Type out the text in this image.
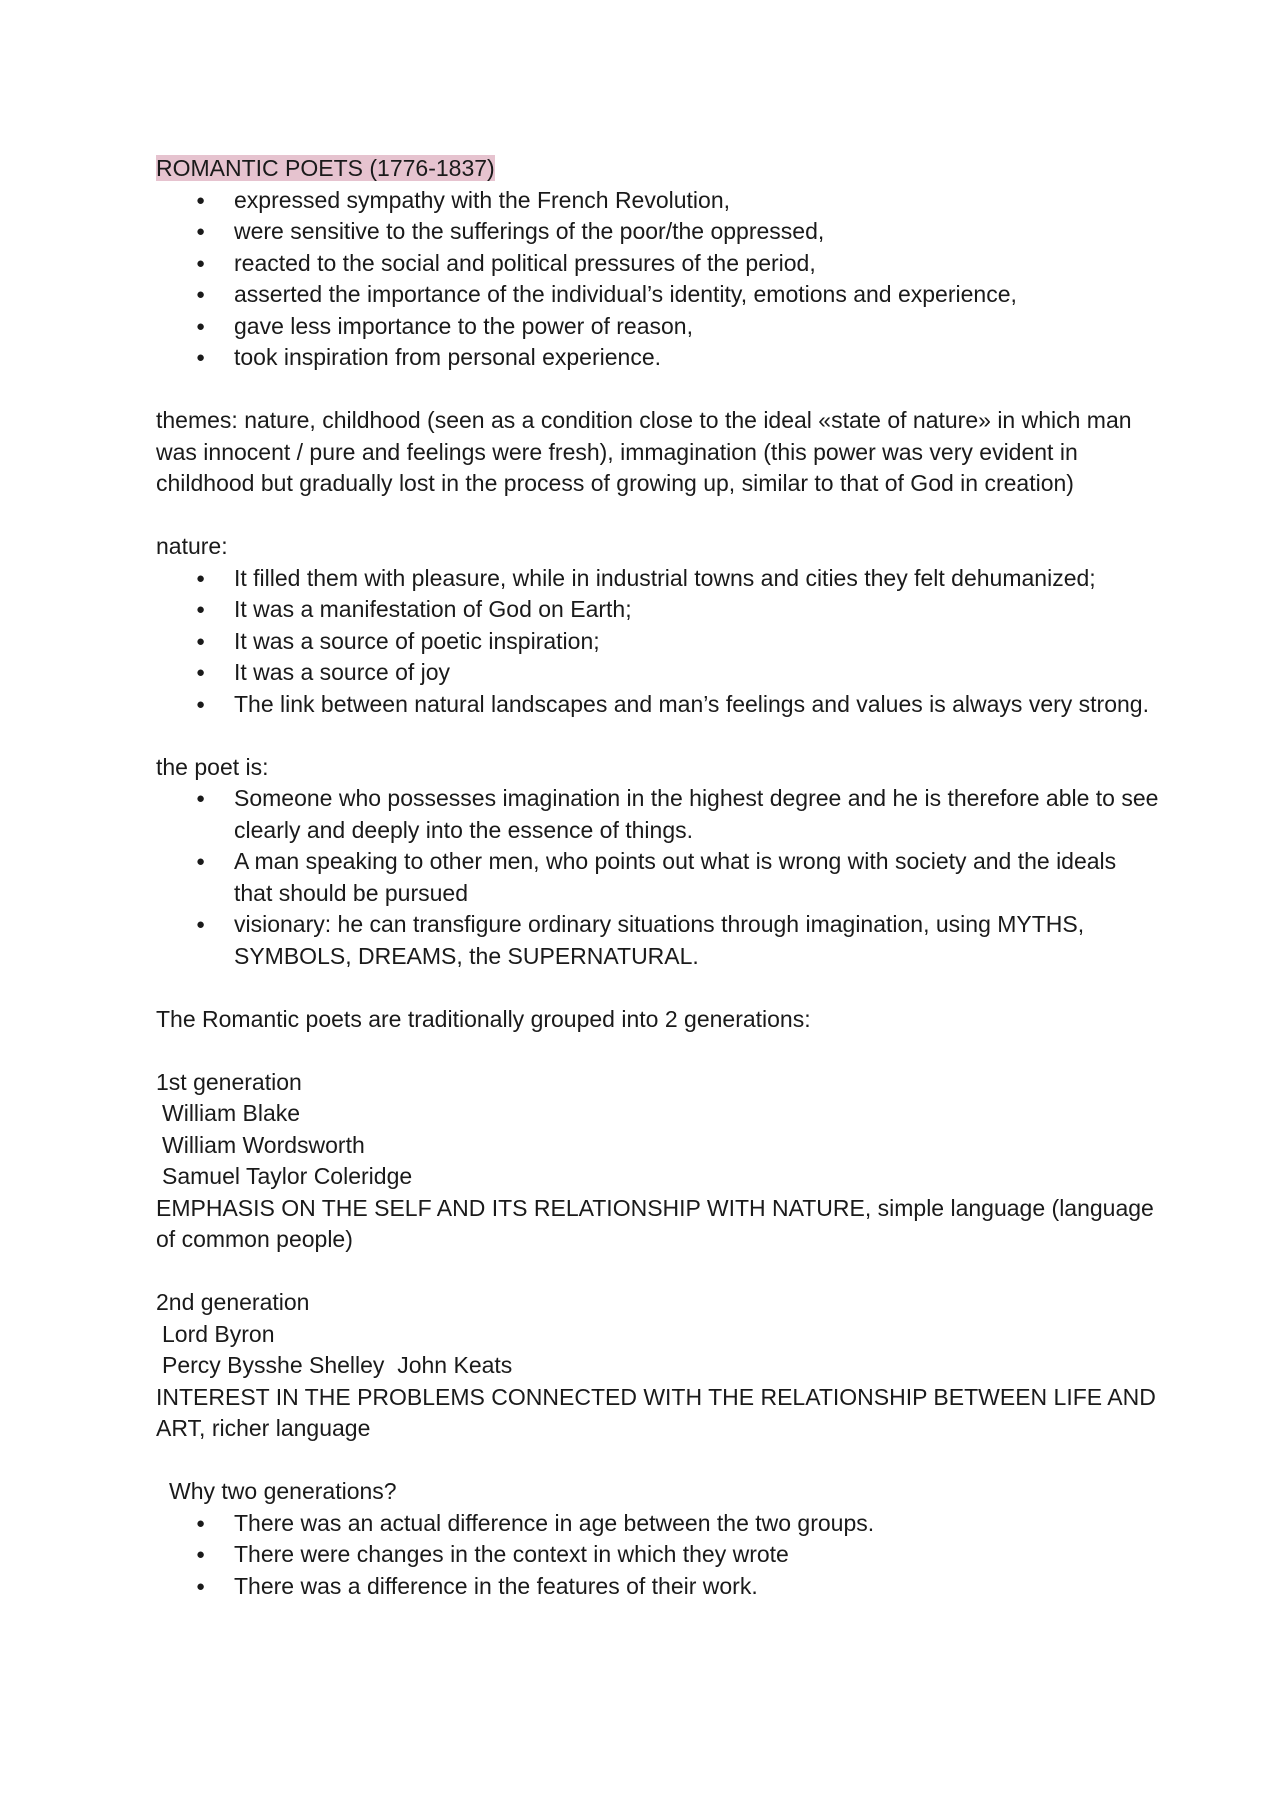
ROMANTIC POETS (1776-1837)
● expressed sympathy with the French Revolution,
● were sensitive to the sufferings of the poor/the oppressed,
● reacted to the social and political pressures of the period,
● asserted the importance of the individual’s identity, emotions and experience,
● gave less importance to the power of reason,
● took inspiration from personal experience.

themes: nature, childhood (seen as a condition close to the ideal «state of nature» in which man was innocent / pure and feelings were fresh), immagination (this power was very evident in childhood but gradually lost in the process of growing up, similar to that of God in creation)

nature:

● It filled them with pleasure, while in industrial towns and cities they felt dehumanized;
● It was a manifestation of God on Earth;
● It was a source of poetic inspiration;
● It was a source of joy
● The link between natural landscapes and man’s feelings and values is always very strong.

the poet is:

● Someone who possesses imagination in the highest degree and he is therefore able to see clearly and deeply into the essence of things.
● A man speaking to other men, who points out what is wrong with society and the ideals that should be pursued
● visionary: he can transfigure ordinary situations through imagination, using MYTHS, SYMBOLS, DREAMS, the SUPERNATURAL.

The Romantic poets are traditionally grouped into 2 generations:

1st generation

William Blake

William Wordsworth

Samuel Taylor Coleridge

EMPHASIS ON THE SELF AND ITS RELATIONSHIP WITH NATURE, simple language (language of common people)

2nd generation

Lord Byron

Percy Bysshe Shelley  John Keats

INTEREST IN THE PROBLEMS CONNECTED WITH THE RELATIONSHIP BETWEEN LIFE AND ART, richer language

Why two generations?

● There was an actual difference in age between the two groups.
● There were changes in the context in which they wrote
● There was a difference in the features of their work.
